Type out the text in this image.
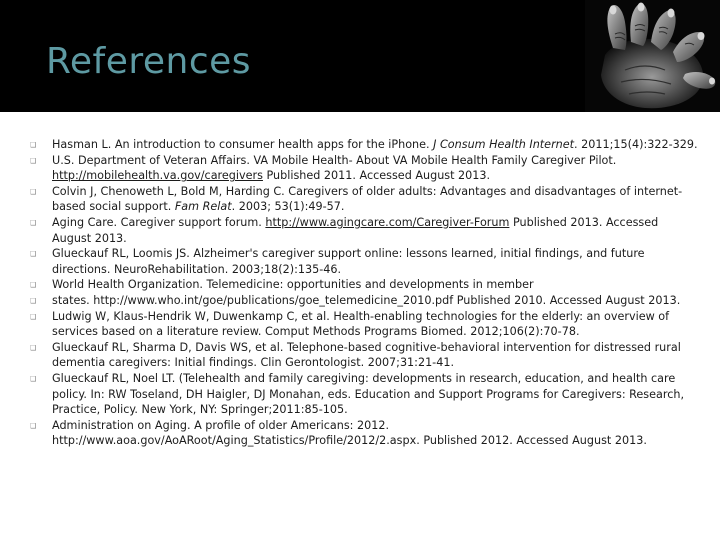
References
❑ Hasman L. An introduction to consumer health apps for the iPhone. J Consum Health Internet. 2011;15(4):322-329.
❑ U.S. Department of Veteran Affairs. VA Mobile Health- About VA Mobile Health Family Caregiver Pilot. http://mobilehealth.va.gov/caregivers Published 2011. Accessed August 2013.
❑ Colvin J, Chenoweth L, Bold M, Harding C. Caregivers of older adults: Advantages and disadvantages of internet-based social support. Fam Relat. 2003; 53(1):49-57.
❑ Aging Care. Caregiver support forum. http://www.agingcare.com/Caregiver-Forum Published 2013. Accessed August 2013.
❑ Glueckauf RL, Loomis JS. Alzheimer's caregiver support online: lessons learned, initial findings, and future directions. NeuroRehabilitation. 2003;18(2):135-46.
❑ World Health Organization. Telemedicine: opportunities and developments in member
❑ states. http://www.who.int/goe/publications/goe_telemedicine_2010.pdf Published 2010. Accessed August 2013.
❑ Ludwig W, Klaus-Hendrik W, Duwenkamp C, et al. Health-enabling technologies for the elderly: an overview of services based on a literature review. Comput Methods Programs Biomed. 2012;106(2):70-78.
❑ Glueckauf RL, Sharma D, Davis WS, et al. Telephone-based cognitive-behavioral intervention for distressed rural dementia caregivers: Initial findings. Clin Gerontologist. 2007;31:21-41.
❑ Glueckauf RL, Noel LT. (Telehealth and family caregiving: developments in research, education, and health care policy. In: RW Toseland, DH Haigler, DJ Monahan, eds. Education and Support Programs for Caregivers: Research, Practice, Policy. New York, NY: Springer;2011:85-105.
❑ Administration on Aging. A profile of older Americans: 2012. http://www.aoa.gov/AoARoot/Aging_Statistics/Profile/2012/2.aspx. Published 2012. Accessed August 2013.
